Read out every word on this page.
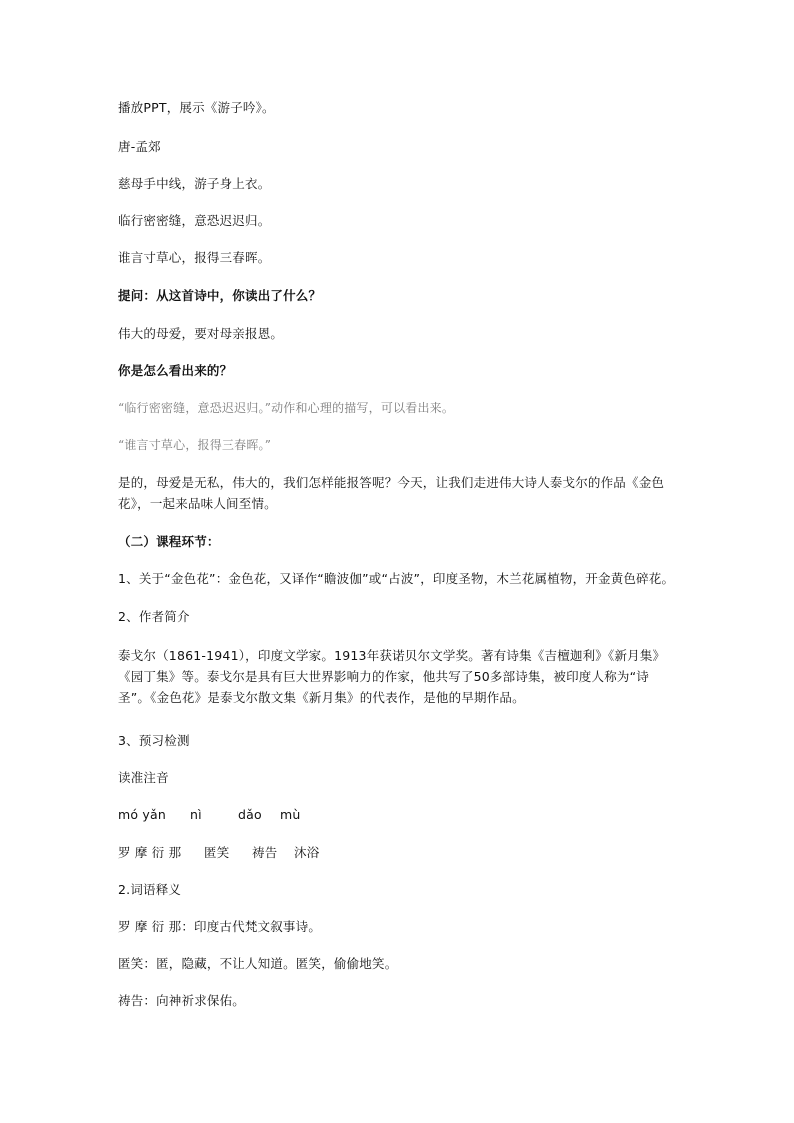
播放PPT，展示《游子吟》。
唐-孟郊
慈母手中线，游子身上衣。
临行密密缝，意恐迟迟归。
谁言寸草心，报得三春晖。
提问：从这首诗中，你读出了什么？
伟大的母爱，要对母亲报恩。
你是怎么看出来的？
“临行密密缝，意恐迟迟归。”动作和心理的描写，可以看出来。
“谁言寸草心，报得三春晖。”
是的，母爱是无私，伟大的，我们怎样能报答呢？今天，让我们走进伟大诗人泰戈尔的作品《金色花》，一起来品味人间至情。
（二）课程环节：
1、关于“金色花”：金色花，又译作“瞻波伽”或“占波”，印度圣物，木兰花属植物，开金黄色碎花。
2、作者简介
泰戈尔（1861-1941），印度文学家。1913年获诺贝尔文学奖。著有诗集《吉檀迦利》《新月集》《园丁集》等。泰戈尔是具有巨大世界影响力的作家，他共写了50多部诗集，被印度人称为“诗圣”。《金色花》是泰戈尔散文集《新月集》的代表作，是他的早期作品。
3、预习检测
读准注音
mó yǎn nì	dǎo mù
罗 摩 衍 那 匿笑 祷告 沐浴
2.词语释义
罗 摩 衍 那：印度古代梵文叙事诗。
匿笑：匿，隐藏，不让人知道。匿笑，偷偷地笑。
祷告：向神祈求保佑。
